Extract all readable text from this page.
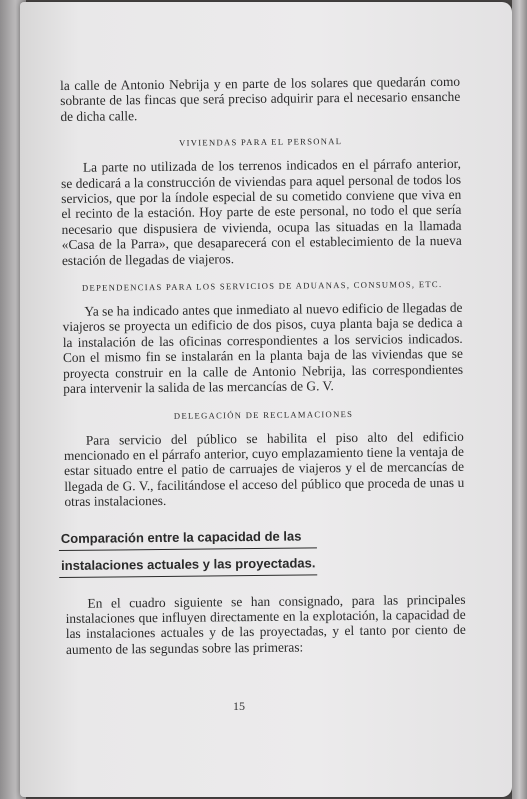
la calle de Antonio Nebrija y en parte de los solares que quedarán como sobrante de las fincas que será preciso adquirir para el necesario ensanche de dicha calle.

VIVIENDAS PARA EL PERSONAL

La parte no utilizada de los terrenos indicados en el párrafo anterior, se dedicará a la construcción de viviendas para aquel personal de todos los servicios, que por la índole especial de su cometido conviene que viva en el recinto de la estación. Hoy parte de este personal, no todo el que sería necesario que dispusiera de vivienda, ocupa las situadas en la llamada «Casa de la Parra», que desaparecerá con el establecimiento de la nueva estación de llegadas de viajeros.

DEPENDENCIAS PARA LOS SERVICIOS DE ADUANAS, CONSUMOS, ETC.

Ya se ha indicado antes que inmediato al nuevo edificio de llegadas de viajeros se proyecta un edificio de dos pisos, cuya planta baja se dedica a la instalación de las oficinas correspondientes a los servicios indicados. Con el mismo fin se instalarán en la planta baja de las viviendas que se proyecta construir en la calle de Antonio Nebrija, las correspondientes para intervenir la salida de las mercancías de G. V.

DELEGACIÓN DE RECLAMACIONES

Para servicio del público se habilita el piso alto del edificio mencionado en el párrafo anterior, cuyo emplazamiento tiene la ventaja de estar situado entre el patio de carruajes de viajeros y el de mercancías de llegada de G. V., facilitándose el acceso del público que proceda de unas u otras instalaciones.

Comparación entre la capacidad de las
instalaciones actuales y las proyectadas.

En el cuadro siguiente se han consignado, para las principales instalaciones que influyen directamente en la explotación, la capacidad de las instalaciones actuales y de las proyectadas, y el tanto por ciento de aumento de las segundas sobre las primeras:

15
